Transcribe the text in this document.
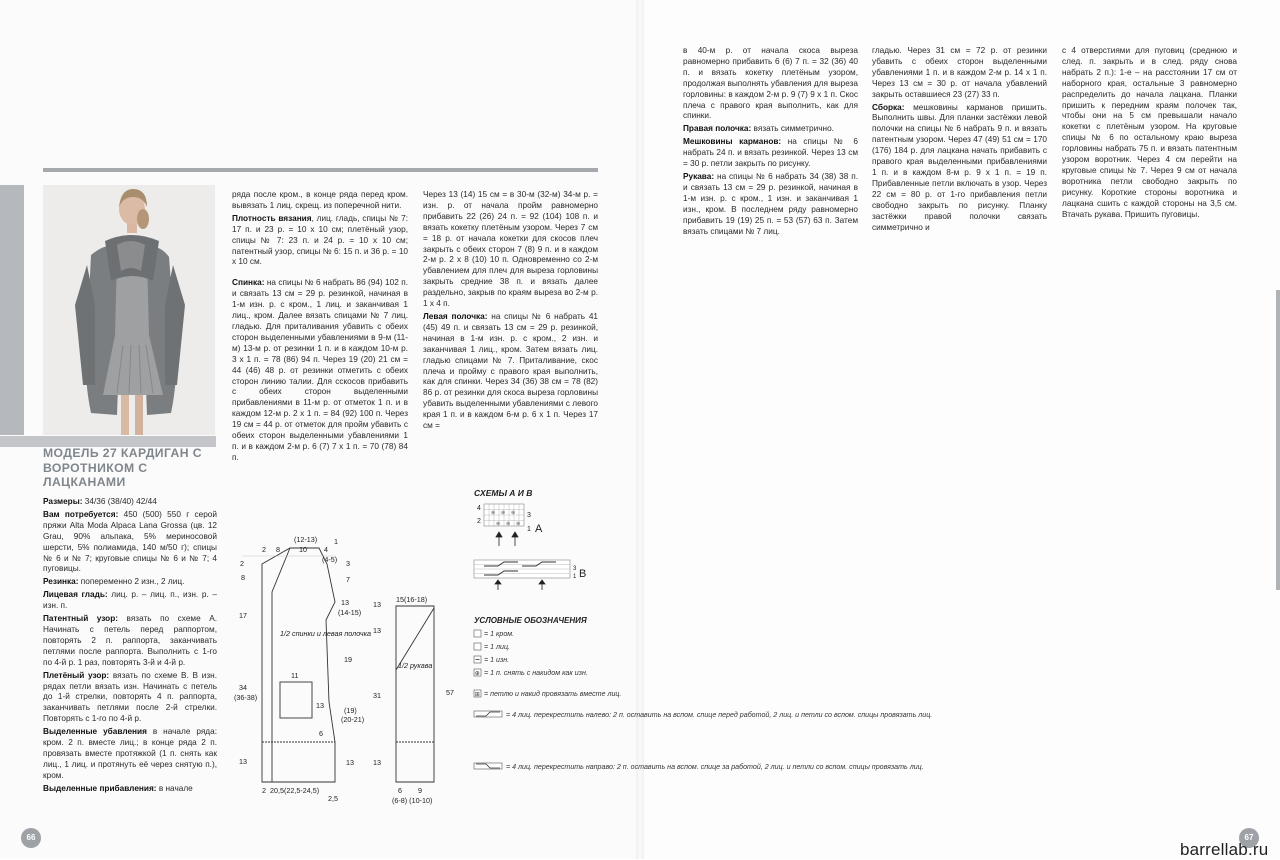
МОДЕЛЬ 27 КАРДИГАН С ВОРОТНИКОМ С ЛАЦКАНАМИ

Размеры: 34/36 (38/40) 42/44

Вам потребуется: 450 (500) 550 г серой пряжи Alta Moda Alpaca Lana Grossa (цв. 12 Grau, 90% альпака, 5% мериносовой шерсти, 5% полиамида, 140 м/50 г); спицы № 6 и № 7; круговые спицы № 6 и № 7; 4 пуговицы.

Резинка: попеременно 2 изн., 2 лиц.

Лицевая гладь: лиц. р. – лиц. п., изн. р. – изн. п.

Патентный узор: вязать по схеме А. Начинать с петель перед раппортом, повторять 2 п. раппорта, заканчивать петлями после раппорта. Выполнить с 1-го по 4-й р. 1 раз, повторять 3-й и 4-й р.

Плетёный узор: вязать по схеме В. В изн. рядах петли вязать изн. Начинать с петель до 1-й стрелки, повторять 4 п. раппорта, заканчивать петлями после 2-й стрелки. Повторять с 1-го по 4-й р.

Выделенные убавления в начале ряда: кром. 2 п. вместе лиц.; в конце ряда 2 п. провязать вместе протяжкой (1 п. снять как лиц., 1 лиц. и протянуть её через снятую п.), кром.

Выделенные прибавления: в начале

ряда после кром., в конце ряда перед кром. вывязать 1 лиц. скрещ. из поперечной нити.

Плотность вязания, лиц. гладь, спицы № 7: 17 п. и 23 р. = 10 x 10 см; плетёный узор, спицы № 7: 23 п. и 24 р. = 10 x 10 см; патентный узор, спицы № 6: 15 п. и 36 р. = 10 x 10 см.

Спинка: на спицы № 6 набрать 86 (94) 102 п. и связать 13 см = 29 р. резинкой, начиная в 1-м изн. р. с кром., 1 лиц. и заканчивая 1 лиц., кром. Далее вязать спицами № 7 лиц. гладью. Для приталивания убавить с обеих сторон выделенными убавлениями в 9-м (11-м) 13-м р. от резинки 1 п. и в каждом 10-м р. 3 x 1 п. = 78 (86) 94 п. Через 19 (20) 21 см = 44 (46) 48 р. от резинки отметить с обеих сторон линию талии. Для сскосов прибавить с обеих сторон выделенными прибавлениями в 11-м р. от отметок 1 п. и в каждом 12-м р. 2 x 1 п. = 84 (92) 100 п. Через 19 см = 44 р. от отметок для пройм убавить с обеих сторон выделенными убавлениями 1 п. и в каждом 2-м р. 6 (7) 7 x 1 п. = 70 (78) 84 п.

Через 13 (14) 15 см = в 30-м (32-м) 34-м р. = изн. р. от начала пройм равномерно прибавить 22 (26) 24 п. = 92 (104) 108 п. и вязать кокетку плетёным узором. Через 7 см = 18 р. от начала кокетки для скосов плеч закрыть с обеих сторон 7 (8) 9 п. и в каждом 2-м р. 2 x 8 (10) 10 п. Одновременно со 2-м убавлением для плеч для выреза горловины закрыть средние 38 п. и вязать далее раздельно, закрыв по краям выреза во 2-м р. 1 x 4 п.

Левая полочка: на спицы № 6 набрать 41 (45) 49 п. и связать 13 см = 29 р. резинкой, начиная в 1-м изн. р. с кром., 2 изн. и заканчивая 1 лиц., кром. Затем вязать лиц. гладью спицами № 7. Приталивание, скос плеча и пройму с правого края выполнить, как для спинки. Через 34 (36) 38 см = 78 (82) 86 р. от резинки для скоса выреза горловины убавить выделенными убавлениями с левого края 1 п. и в каждом 6-м р. 6 x 1 п. Через 17 см =

в 40-м р. от начала скоса выреза равномерно прибавить 6 (6) 7 п. = 32 (36) 40 п. и вязать кокетку плетёным узором, продолжая выполнять убавления для выреза горловины: в каждом 2-м р. 9 (7) 9 x 1 п. Скос плеча с правого края выполнить, как для спинки.

Правая полочка: вязать симметрично.

Мешковины карманов: на спицы № 6 набрать 24 п. и вязать резинкой. Через 13 см = 30 р. петли закрыть по рисунку.

Рукава: на спицы № 6 набрать 34 (38) 38 п. и связать 13 см = 29 р. резинкой, начиная в 1-м изн. р. с кром., 1 изн. и заканчивая 1 изн., кром. В последнем ряду равномерно прибавить 19 (19) 25 п. = 53 (57) 63 п. Затем вязать спицами № 7 лиц.

гладью. Через 31 см = 72 р. от резинки убавить с обеих сторон выделенными убавлениями 1 п. и в каждом 2-м р. 14 x 1 п. Через 13 см = 30 р. от начала убавлений закрыть оставшиеся 23 (27) 33 п.

Сборка: мешковины карманов пришить. Выполнить швы. Для планки застёжки левой полочки на спицы № 6 набрать 9 п. и вязать патентным узором. Через 47 (49) 51 см = 170 (176) 184 р. для лацкана начать прибавить с правого края выделенными прибавлениями 1 п. и в каждом 8-м р. 9 x 1 п. = 19 п. Прибавленные петли включать в узор. Через 22 см = 80 р. от 1-го прибавления петли свободно закрыть по рисунку. Планку застёжки правой полочки связать симметрично и

с 4 отверстиями для пуговиц (среднюю и след. п. закрыть и в след. ряду снова набрать 2 п.): 1-е – на расстоянии 17 см от наборного края, остальные 3 равномерно распределить до начала лацкана. Планки пришить к передним краям полочек так, чтобы они на 5 см превышали начало кокетки с плетёным узором. На круговые спицы № 6 по остальному краю выреза горловины набрать 75 п. и вязать патентным узором воротник. Через 4 см перейти на круговые спицы № 7. Через 9 см от начала воротника петли свободно закрыть по рисунку. Короткие стороны воротника и лацкана сшить с каждой стороны на 3,5 см. Втачать рукава. Пришить пуговицы.

СХЕМЫ А И В
⊕ ⊕ ⊕
⊕ ⊕ ⊕
4
2
3
1 A
3
1 B
УСЛОВНЫЕ ОБОЗНАЧЕНИЯ
= 1 кром.
= 1 лиц.
= 1 изн.
⊕ = 1 п. снять с накидом как изн.
⊞ = петлю и накид провязать вместе лиц.
= 4 лиц. перекрестить налево: 2 п. оставить на вспом. спице перед работой, 2 лиц. и петли со вспом. спицы провязать лиц.
= 4 лиц. перекрестить направо: 2 п. оставить на вспом. спице за работой, 2 лиц. и петли со вспом. спицы провязать лиц.
(12-13)
2 8	10 4
1
(4-5) 3
2
8
17
34
(36-38)
13
7
13
(14-15)
13
19
(19)
(20-21)
13
11
13
6
2 20,5(22,5-24,5)
2,5
1/2 спинки и левая полочка
15(16-18)
13
31	57
13
6 9
(6-8) (10-10)
1/2 рукава
66	67
barrellab.ru
